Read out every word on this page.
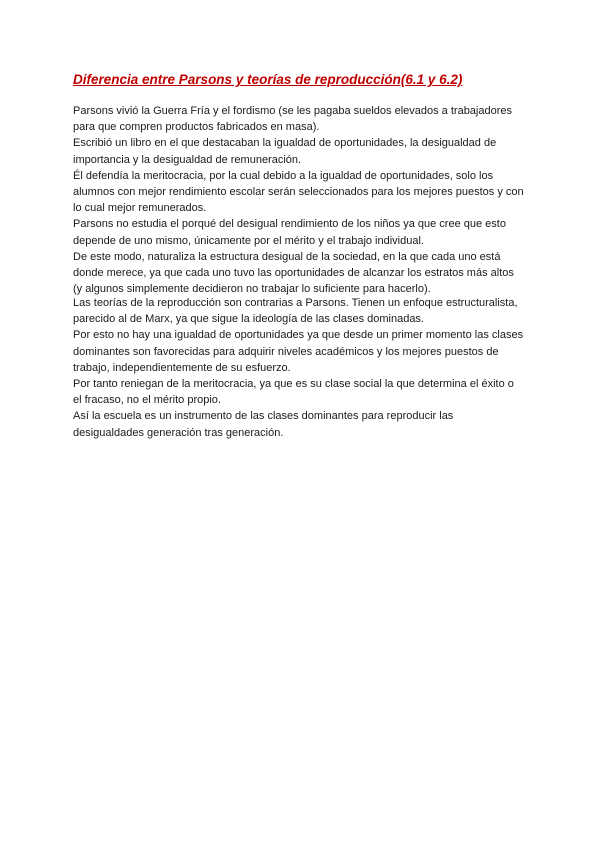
Diferencia entre Parsons y teorías de reproducción(6.1 y 6.2)
Parsons vivió la Guerra Fría y el fordismo (se les pagaba sueldos elevados a trabajadores
para que compren productos fabricados en masa).
Escribió un libro en el que destacaban la igualdad de oportunidades, la desigualdad de
importancia y la desigualdad de remuneración.
Él defendía la meritocracia, por la cual debido a la igualdad de oportunidades, solo los
alumnos con mejor rendimiento escolar serán seleccionados para los mejores puestos y con
lo cual mejor remunerados.
Parsons no estudia el porqué del desigual rendimiento de los niños ya que cree que esto
depende de uno mismo, únicamente por el mérito y el trabajo individual.
De este modo, naturaliza la estructura desigual de la sociedad, en la que cada uno está
donde merece, ya que cada uno tuvo las oportunidades de alcanzar los estratos más altos
(y algunos simplemente decidieron no trabajar lo suficiente para hacerlo).
Las teorías de la reproducción son contrarias a Parsons. Tienen un enfoque estructuralista,
parecido al de Marx, ya que sigue la ideología de las clases dominadas.
Por esto no hay una igualdad de oportunidades ya que desde un primer momento las clases
dominantes son favorecidas para adquirir niveles académicos y los mejores puestos de
trabajo, independientemente de su esfuerzo.
Por tanto reniegan de la meritocracia, ya que es su clase social la que determina el éxito o
el fracaso, no el mérito propio.
Así la escuela es un instrumento de las clases dominantes para reproducir las
desigualdades generación tras generación.
